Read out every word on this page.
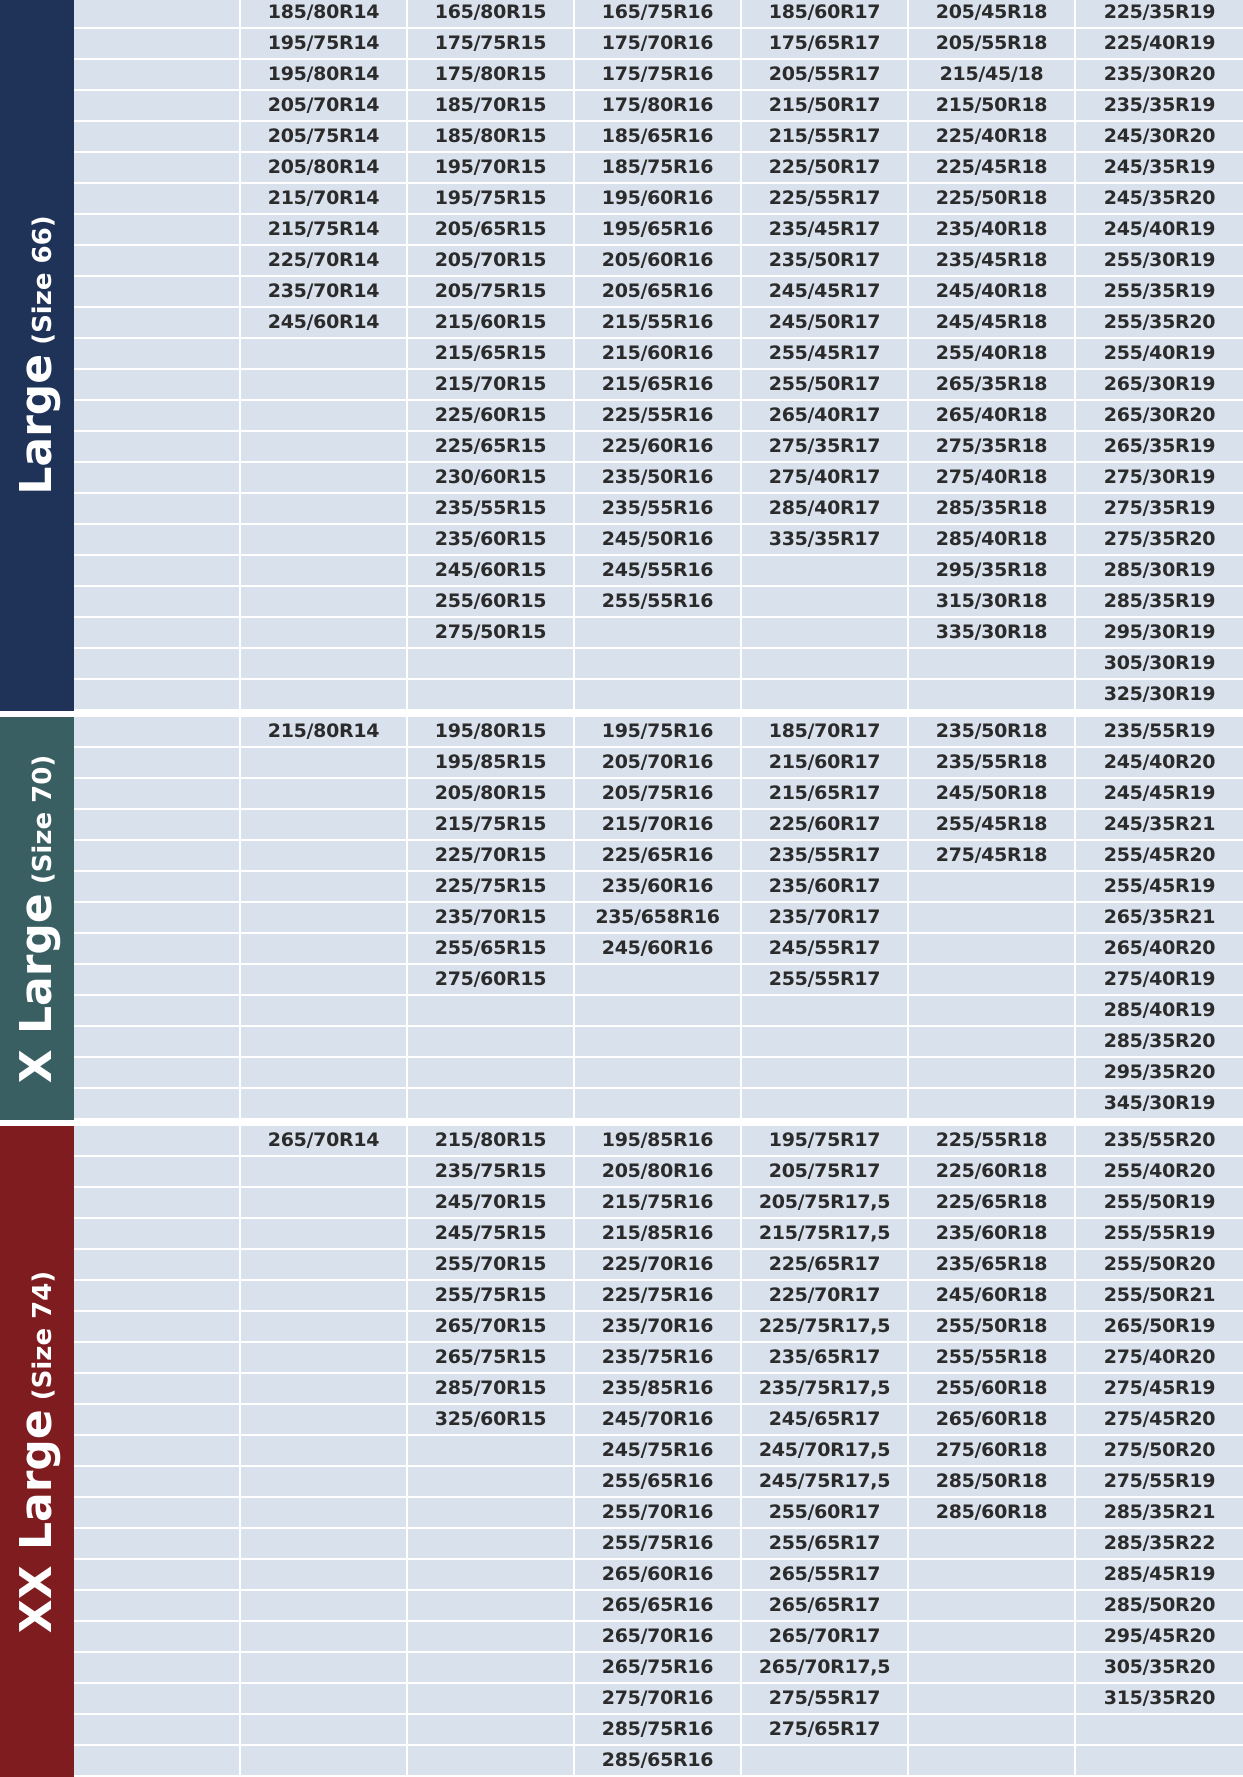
Large (Size 66)
185/80R14
195/75R14
195/80R14
205/70R14
205/75R14
205/80R14
215/70R14
215/75R14
225/70R14
235/70R14
245/60R14
165/80R15
175/75R15
175/80R15
185/70R15
185/80R15
195/70R15
195/75R15
205/65R15
205/70R15
205/75R15
215/60R15
215/65R15
215/70R15
225/60R15
225/65R15
230/60R15
235/55R15
235/60R15
245/60R15
255/60R15
275/50R15
165/75R16
175/70R16
175/75R16
175/80R16
185/65R16
185/75R16
195/60R16
195/65R16
205/60R16
205/65R16
215/55R16
215/60R16
215/65R16
225/55R16
225/60R16
235/50R16
235/55R16
245/50R16
245/55R16
255/55R16
185/60R17
175/65R17
205/55R17
215/50R17
215/55R17
225/50R17
225/55R17
235/45R17
235/50R17
245/45R17
245/50R17
255/45R17
255/50R17
265/40R17
275/35R17
275/40R17
285/40R17
335/35R17
205/45R18
205/55R18
215/45/18
215/50R18
225/40R18
225/45R18
225/50R18
235/40R18
235/45R18
245/40R18
245/45R18
255/40R18
265/35R18
265/40R18
275/35R18
275/40R18
285/35R18
285/40R18
295/35R18
315/30R18
335/30R18
225/35R19
225/40R19
235/30R20
235/35R19
245/30R20
245/35R19
245/35R20
245/40R19
255/30R19
255/35R19
255/35R20
255/40R19
265/30R19
265/30R20
265/35R19
275/30R19
275/35R19
275/35R20
285/30R19
285/35R19
295/30R19
305/30R19
325/30R19
X Large (Size 70)
215/80R14	195/80R15
195/85R15
205/80R15
215/75R15
225/70R15
225/75R15
235/70R15
255/65R15
275/60R15
195/75R16
205/70R16
205/75R16
215/70R16
225/65R16
235/60R16
235/658R16
245/60R16
185/70R17
215/60R17
215/65R17
225/60R17
235/55R17
235/60R17
235/70R17
245/55R17
255/55R17
235/50R18
235/55R18
245/50R18
255/45R18
275/45R18
235/55R19
245/40R20
245/45R19
245/35R21
255/45R20
255/45R19
265/35R21
265/40R20
275/40R19
285/40R19
285/35R20
295/35R20
345/30R19
XX Large (Size 74)
265/70R14	215/80R15
235/75R15
245/70R15
245/75R15
255/70R15
255/75R15
265/70R15
265/75R15
285/70R15
325/60R15
195/85R16
205/80R16
215/75R16
215/85R16
225/70R16
225/75R16
235/70R16
235/75R16
235/85R16
245/70R16
245/75R16
255/65R16
255/70R16
255/75R16
265/60R16
265/65R16
265/70R16
265/75R16
275/70R16
285/75R16
285/65R16
195/75R17
205/75R17
205/75R17,5
215/75R17,5
225/65R17
225/70R17
225/75R17,5
235/65R17
235/75R17,5
245/65R17
245/70R17,5
245/75R17,5
255/60R17
255/65R17
265/55R17
265/65R17
265/70R17
265/70R17,5
275/55R17
275/65R17
225/55R18
225/60R18
225/65R18
235/60R18
235/65R18
245/60R18
255/50R18
255/55R18
255/60R18
265/60R18
275/60R18
285/50R18
285/60R18
235/55R20
255/40R20
255/50R19
255/55R19
255/50R20
255/50R21
265/50R19
275/40R20
275/45R19
275/45R20
275/50R20
275/55R19
285/35R21
285/35R22
285/45R19
285/50R20
295/45R20
305/35R20
315/35R20
